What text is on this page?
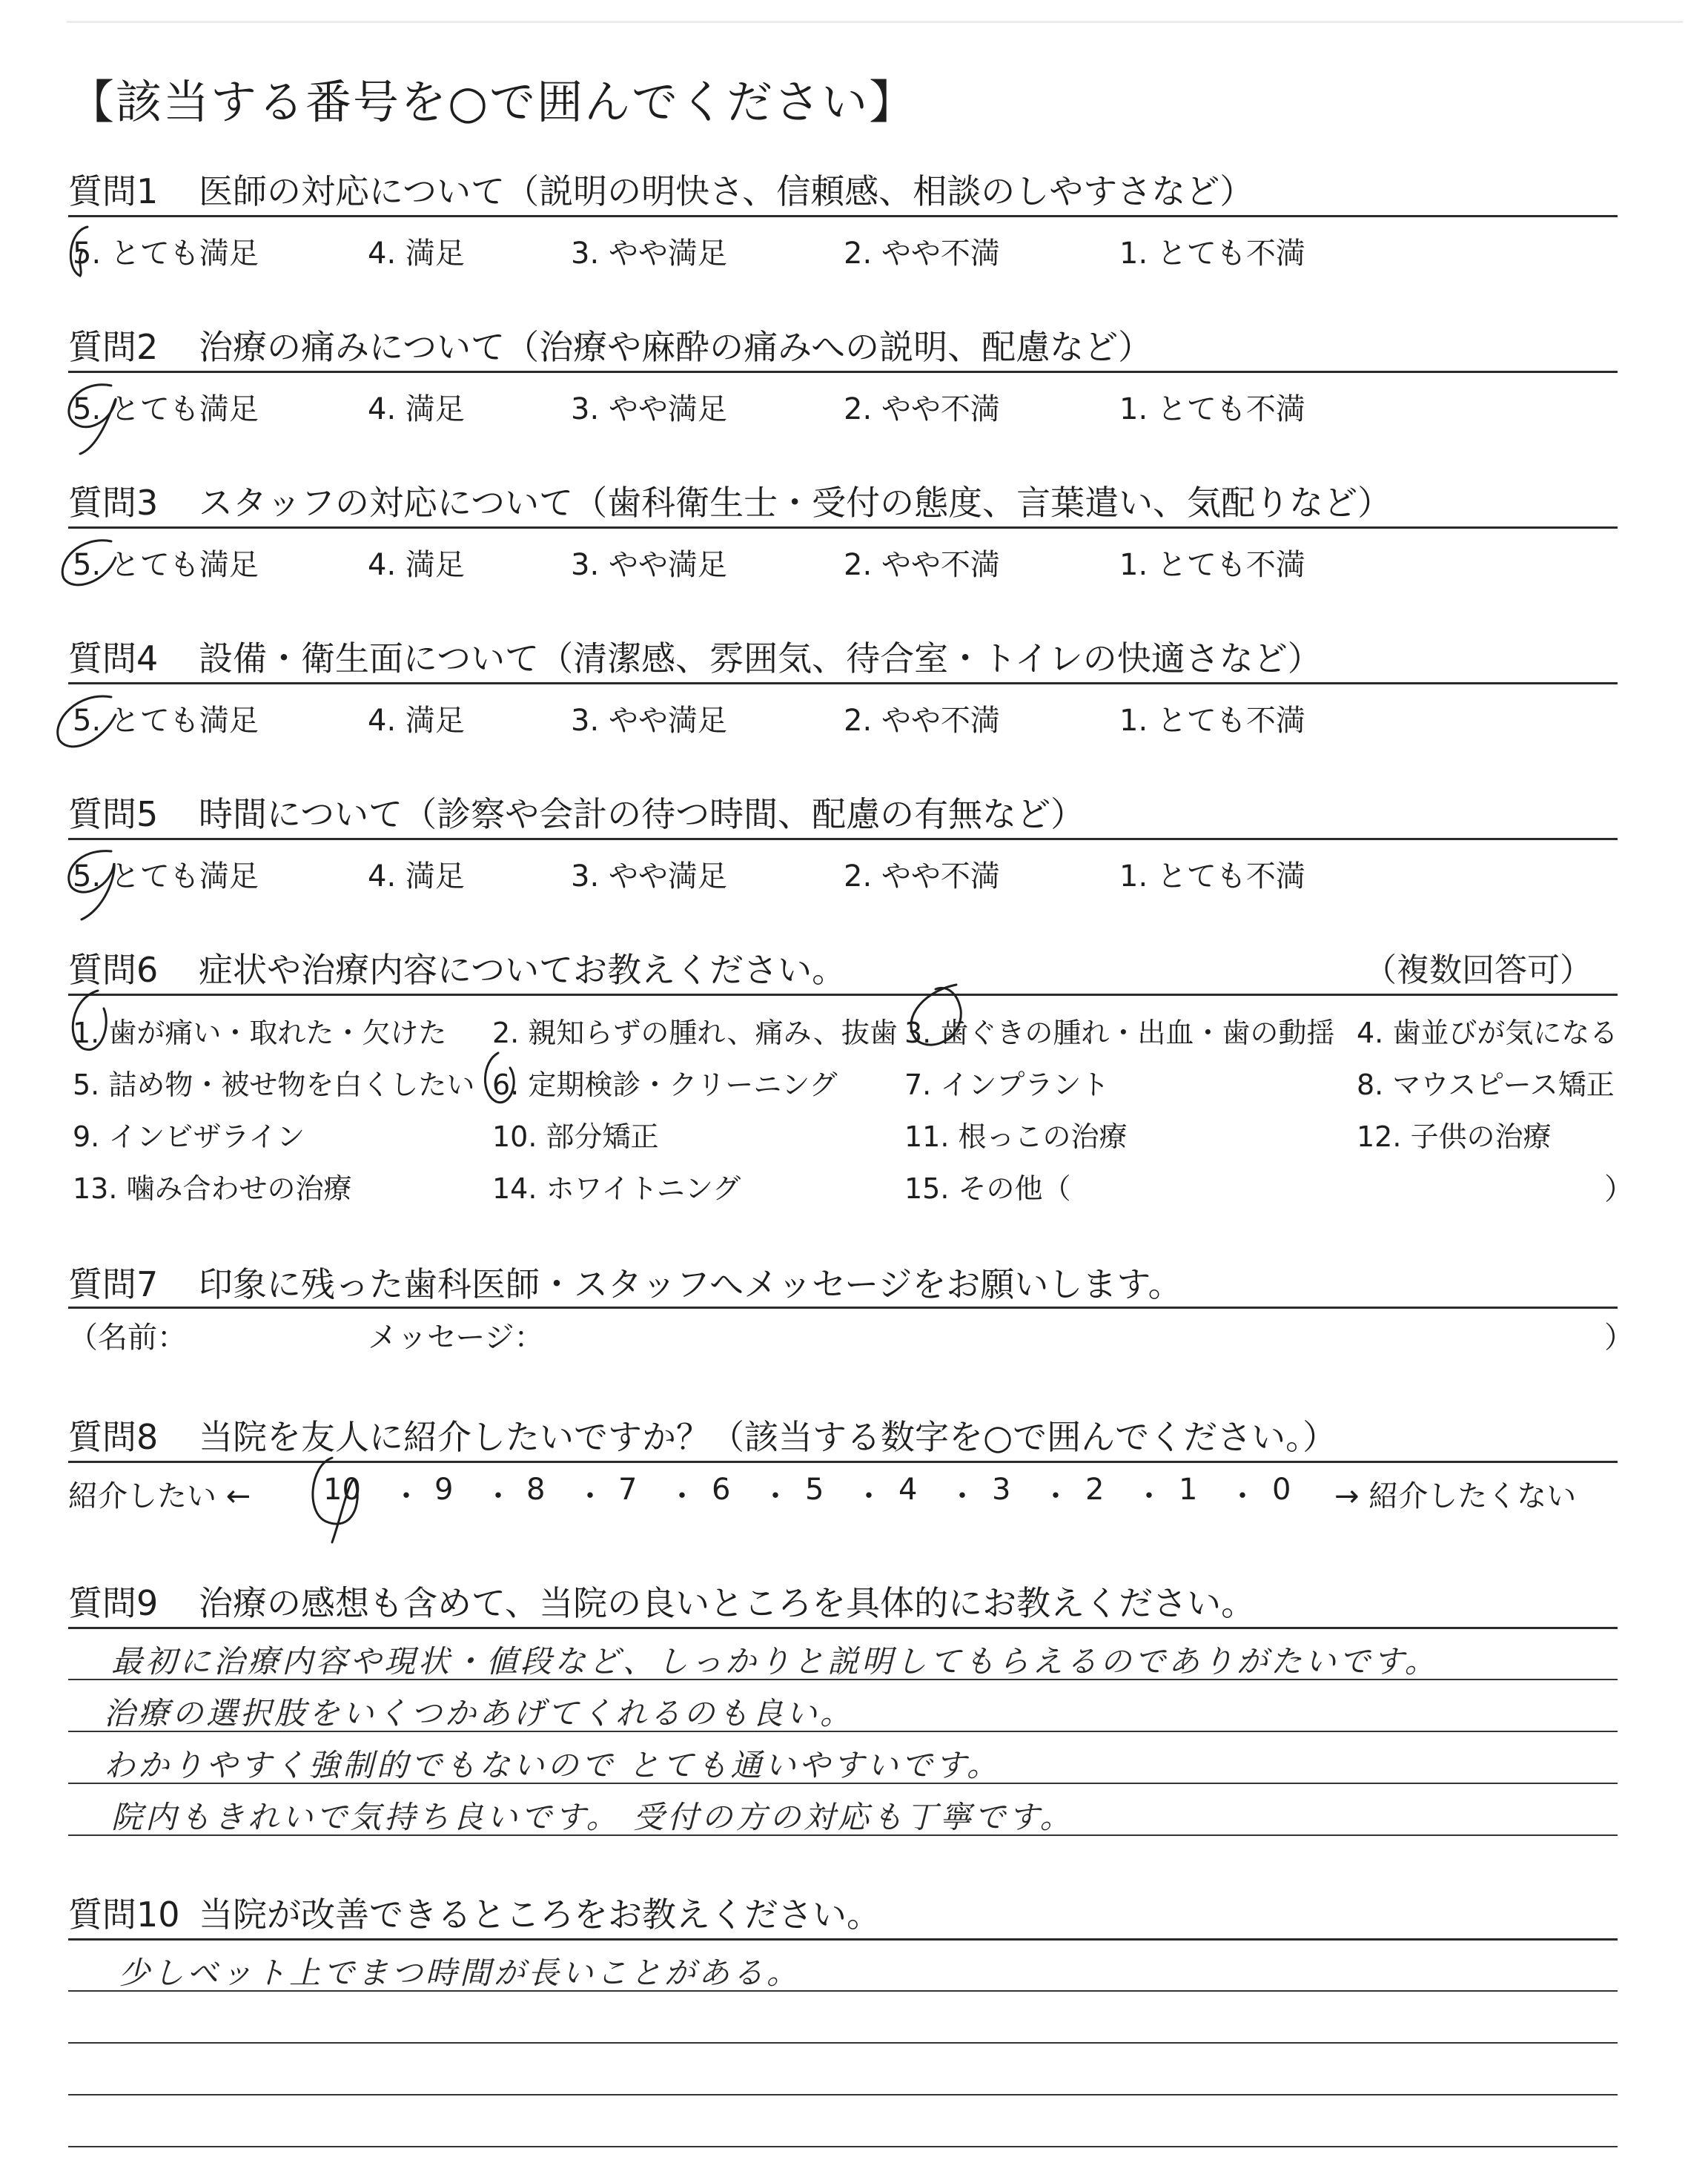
【該当する番号を○で囲んでください】
質問1 医師の対応について（説明の明快さ、信頼感、相談のしやすさなど）
5. とても満足	4. 満足	3. やや満足	2. やや不満	1. とても不満
質問2 治療の痛みについて（治療や麻酔の痛みへの説明、配慮など）
5. とても満足	4. 満足	3. やや満足	2. やや不満	1. とても不満
質問3 スタッフの対応について（歯科衛生士・受付の態度、言葉遣い、気配りなど）
5. とても満足	4. 満足	3. やや満足	2. やや不満	1. とても不満
質問4 設備・衛生面について（清潔感、雰囲気、待合室・トイレの快適さなど）
5. とても満足	4. 満足	3. やや満足	2. やや不満	1. とても不満
質問5 時間について（診察や会計の待つ時間、配慮の有無など）
5. とても満足	4. 満足	3. やや満足	2. やや不満	1. とても不満
質問6 症状や治療内容についてお教えください。	（複数回答可）
1. 歯が痛い・取れた・欠けた 2. 親知らずの腫れ、痛み、抜歯 3. 歯ぐきの腫れ・出血・歯の動揺 4. 歯並びが気になる
5. 詰め物・被せ物を白くしたい 6. 定期検診・クリーニング 7. インプラント	8. マウスピース矯正
9. インビザライン	10. 部分矯正	11. 根っこの治療	12. 子供の治療
13. 噛み合わせの治療	14. ホワイトニング	15. その他（	）
質問7 印象に残った歯科医師・スタッフへメッセージをお願いします。
（名前：	メッセージ：	）
質問8 当院を友人に紹介したいですか？（該当する数字を○で囲んでください。）
紹介したい ← 10 ・ 9 ・ 8 ・ 7 ・ 6 ・ 5 ・ 4 ・ 3 ・ 2 ・ 1 ・ 0 → 紹介したくない
質問9 治療の感想も含めて、当院の良いところを具体的にお教えください。
最初に治療内容や現状・値段など、しっかりと説明してもらえるのでありがたいです。
治療の選択肢をいくつかあげてくれるのも良い。
わかりやすく強制的でもないので とても通いやすいです。
院内もきれいで気持ち良いです。 受付の方の対応も丁寧です。
質問10 当院が改善できるところをお教えください。
少しベット上でまつ時間が長いことがある。
